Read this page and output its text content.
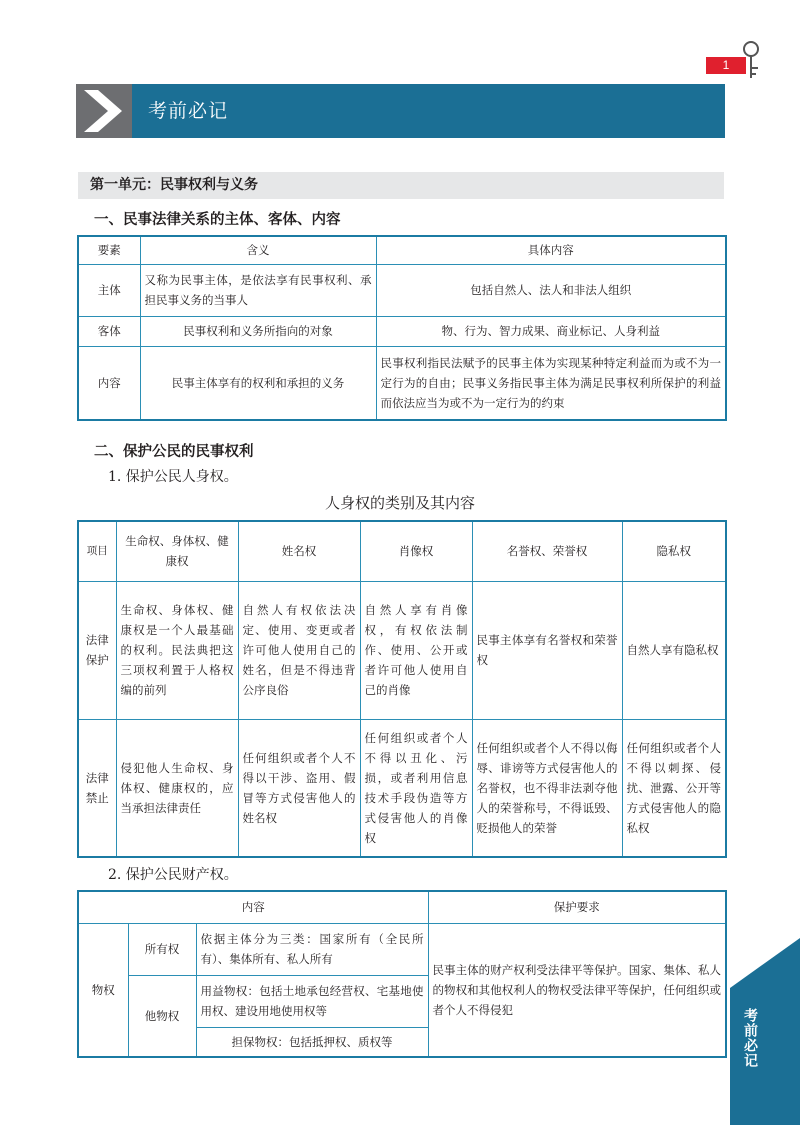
1
考前必记
第一单元：民事权利与义务
一、民事法律关系的主体、客体、内容
要素	含义	具体内容
主体	又称为民事主体，是依法享有民事权利、承担民事义务的当事人	包括自然人、法人和非法人组织
客体	民事权利和义务所指向的对象	物、行为、智力成果、商业标记、人身利益
内容	民事主体享有的权利和承担的义务	民事权利指民法赋予的民事主体为实现某种特定利益而为或不为一定行为的自由；民事义务指民事主体为满足民事权利所保护的利益而依法应当为或不为一定行为的约束
二、保护公民的民事权利
1. 保护公民人身权。
人身权的类别及其内容
项目	生命权、身体权、健康权	姓名权	肖像权	名誉权、荣誉权	隐私权
法律保护	生命权、身体权、健康权是一个人最基础的权利。民法典把这三项权利置于人格权编的前列	自然人有权依法决定、使用、变更或者许可他人使用自己的姓名，但是不得违背公序良俗	自然人享有肖像权，有权依法制作、使用、公开或者许可他人使用自己的肖像	民事主体享有名誉权和荣誉权	自然人享有隐私权
法律禁止	侵犯他人生命权、身体权、健康权的，应当承担法律责任	任何组织或者个人不得以干涉、盗用、假冒等方式侵害他人的姓名权	任何组织或者个人不得以丑化、污损，或者利用信息技术手段伪造等方式侵害他人的肖像权	任何组织或者个人不得以侮辱、诽谤等方式侵害他人的名誉权，也不得非法剥夺他人的荣誉称号，不得诋毁、贬损他人的荣誉	任何组织或者个人不得以刺探、侵扰、泄露、公开等方式侵害他人的隐私权
2. 保护公民财产权。
内容			保护要求
物权	所有权	依据主体分为三类：国家所有（全民所有）、集体所有、私人所有	民事主体的财产权利受法律平等保护。国家、集体、私人的物权和其他权利人的物权受法律平等保护，任何组织或者个人不得侵犯
	他物权	用益物权：包括土地承包经营权、宅基地使用权、建设用地使用权等	
		担保物权：包括抵押权、质权等		考前必记
